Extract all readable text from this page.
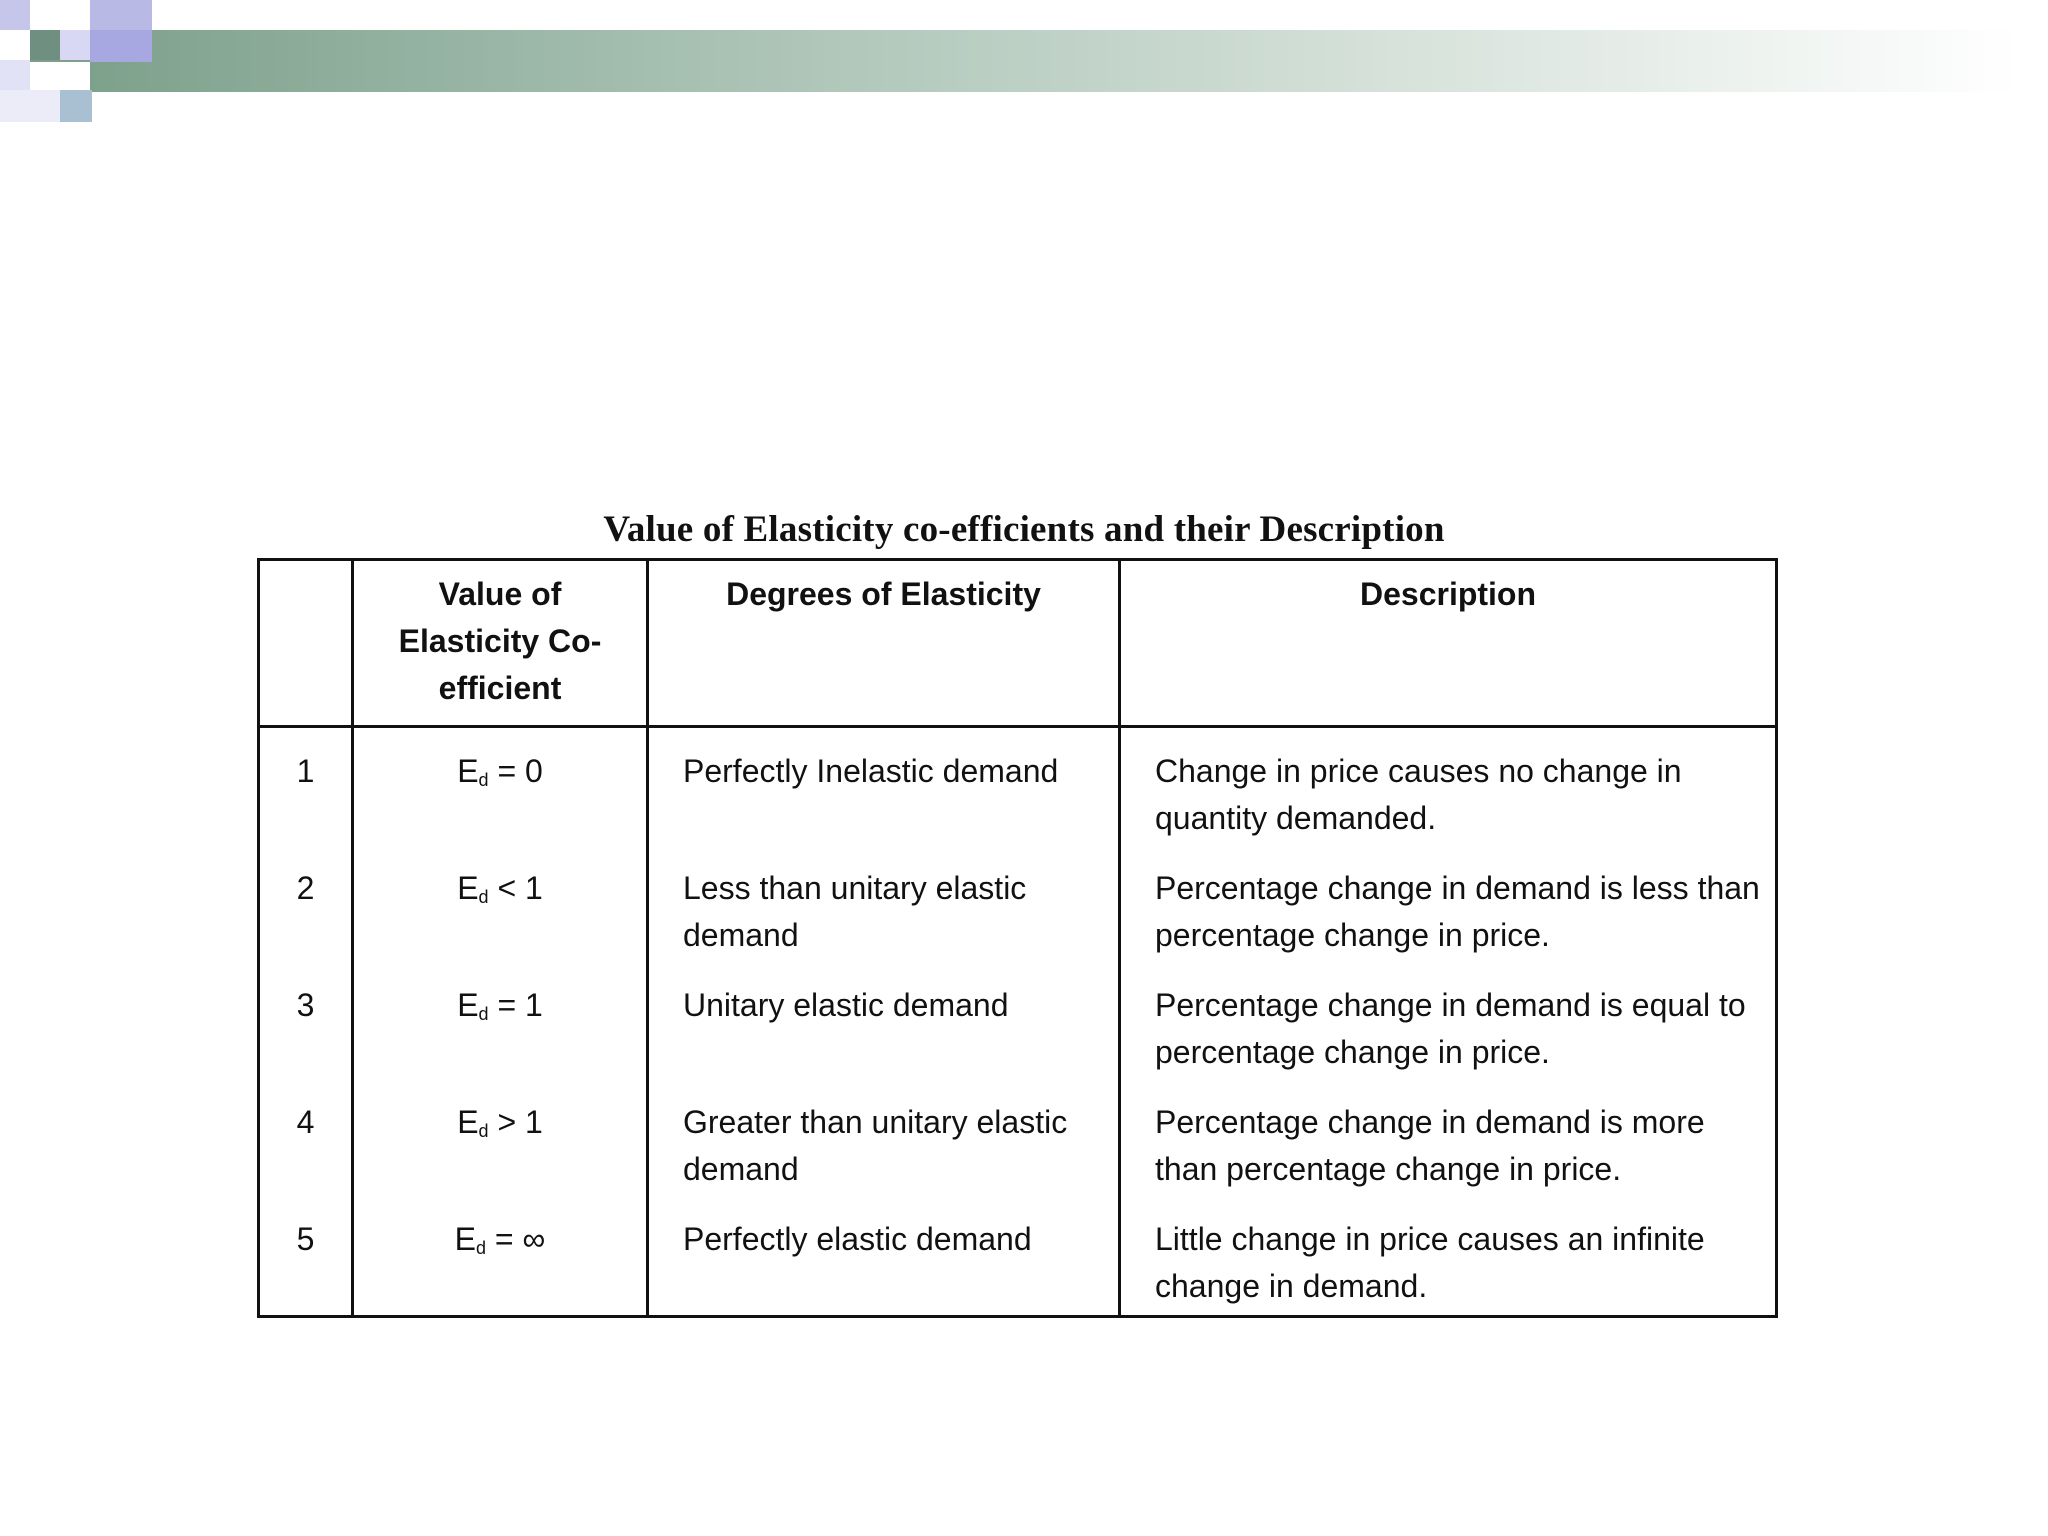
Value of Elasticity co-efficients and their Description
	Value of Elasticity Co-efficient	Degrees of Elasticity	Description
1	$E_d = 0$	Perfectly Inelastic demand	Change in price causes no change in quantity demanded.
2	$E_d < 1$	Less than unitary elastic demand	Percentage change in demand is less than percentage change in price.
3	$E_d = 1$	Unitary elastic demand	Percentage change in demand is equal to percentage change in price.
4	$E_d > 1$	Greater than unitary elastic demand	Percentage change in demand is more than percentage change in price.
5	$E_d$ = ∞	Perfectly elastic demand	Little change in price causes an infinite change in demand.
